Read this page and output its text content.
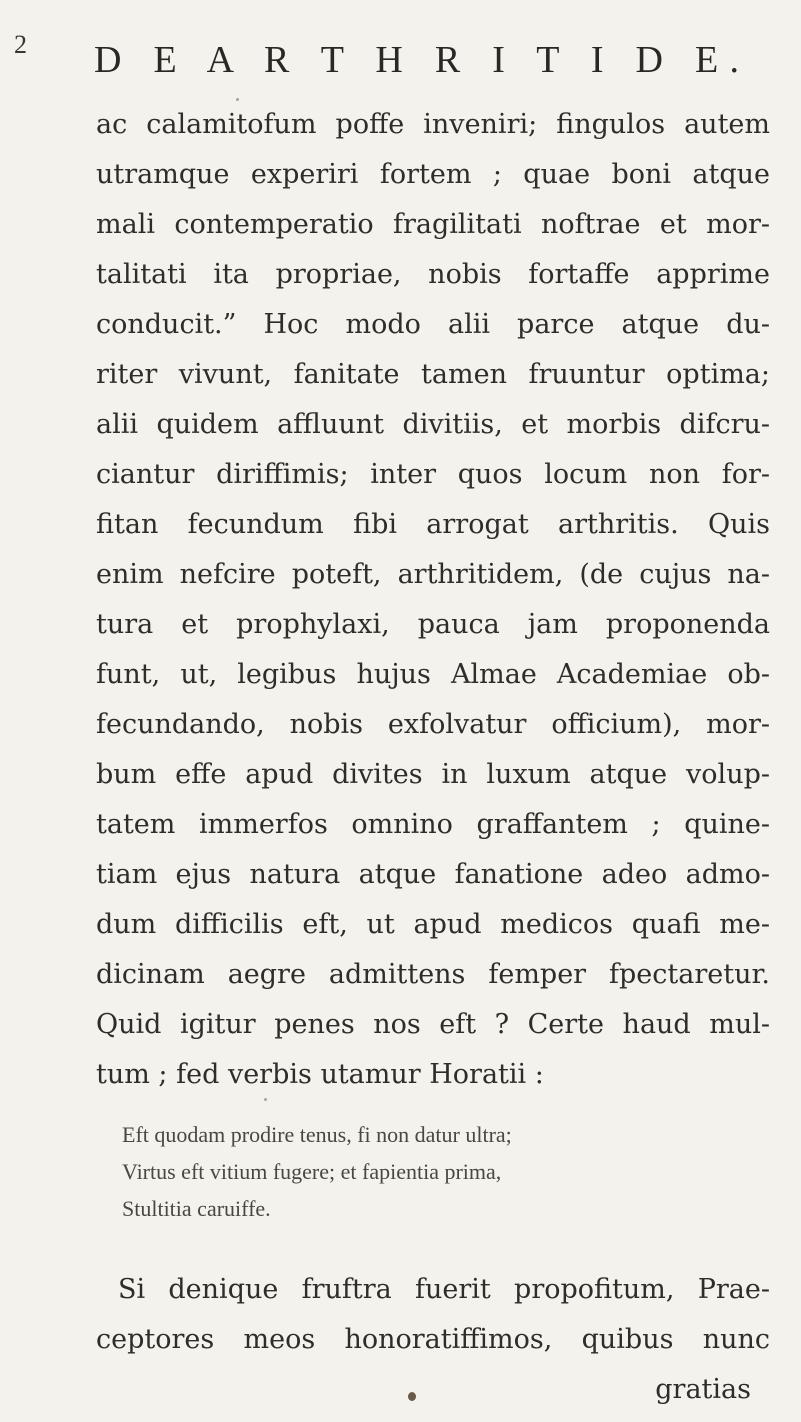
2 D E A R T H R I T I D E.

ac calamitofum poffe inveniri; fingulos autem

utramque experiri fortem ; quae boni atque

mali contemperatio fragilitati noftrae et mor-

talitati ita propriae, nobis fortaffe apprime

conducit.” Hoc modo alii parce atque du-

riter vivunt, fanitate tamen fruuntur optima;

alii quidem affluunt divitiis, et morbis difcru-

ciantur diriffimis; inter quos locum non for-

fitan fecundum fibi arrogat arthritis. Quis

enim nefcire poteft, arthritidem, (de cujus na-

tura et prophylaxi, pauca jam proponenda

funt, ut, legibus hujus Almae Academiae ob-

fecundando, nobis exfolvatur officium), mor-

bum effe apud divites in luxum atque volup-

tatem immerfos omnino graffantem ; quine-

tiam ejus natura atque fanatione adeo admo-

dum difficilis eft, ut apud medicos quafi me-

dicinam aegre admittens femper fpectaretur.

Quid igitur penes nos eft ? Certe haud mul-

tum ; fed verbis utamur Horatii :

Eft quodam prodire tenus, fi non datur ultra;

Virtus eft vitium fugere; et fapientia prima,

Stultitia caruiffe.

Si denique fruftra fuerit propofitum, Prae-

ceptores meos honoratiffimos, quibus nunc

gratias
